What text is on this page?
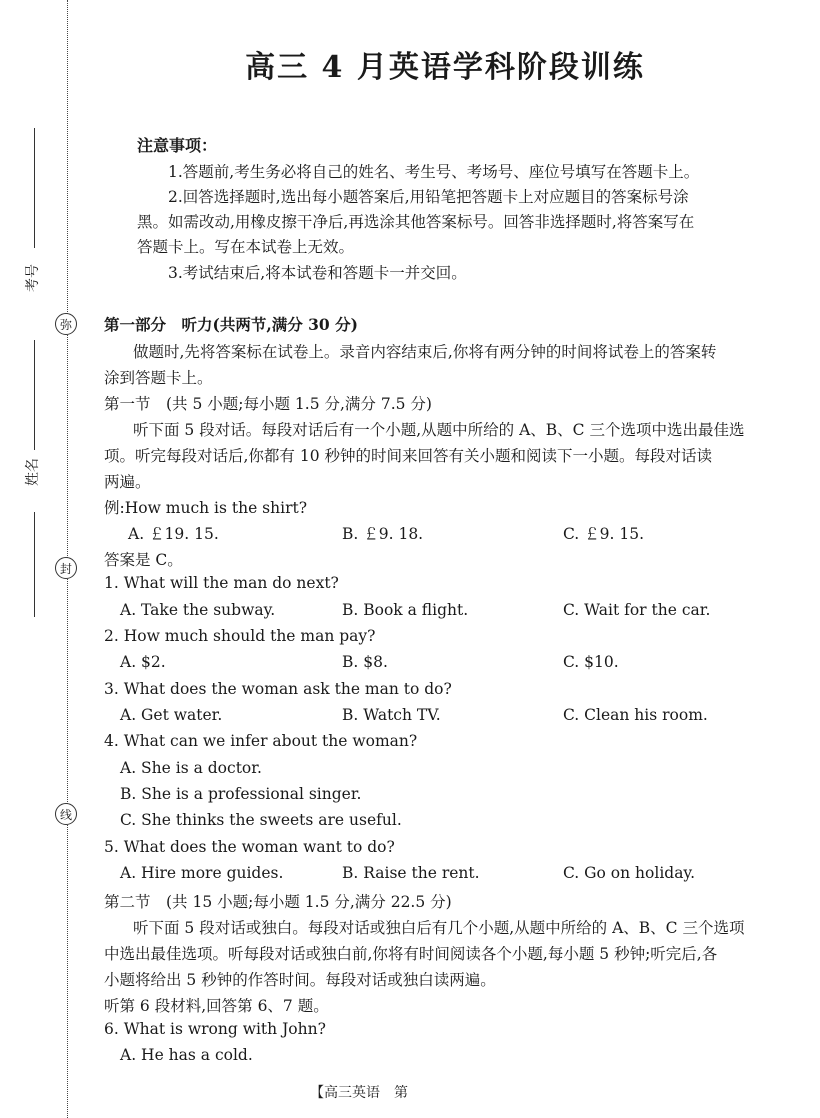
考号
姓名
弥
封
线
高三 4 月英语学科阶段训练
注意事项：
1.答题前,考生务必将自己的姓名、考生号、考场号、座位号填写在答题卡上。
2.回答选择题时,选出每小题答案后,用铅笔把答题卡上对应题目的答案标号涂
黑。如需改动,用橡皮擦干净后,再选涂其他答案标号。回答非选择题时,将答案写在
答题卡上。写在本试卷上无效。
3.考试结束后,将本试卷和答题卡一并交回。
第一部分　听力(共两节,满分 30 分)
做题时,先将答案标在试卷上。录音内容结束后,你将有两分钟的时间将试卷上的答案转
涂到答题卡上。
第一节　(共 5 小题;每小题 1.5 分,满分 7.5 分)
听下面 5 段对话。每段对话后有一个小题,从题中所给的 A、B、C 三个选项中选出最佳选
项。听完每段对话后,你都有 10 秒钟的时间来回答有关小题和阅读下一小题。每段对话读
两遍。
例:How much is the shirt?
A. ￡19. 15.	B. ￡9. 18.	C. ￡9. 15.
答案是 C。
1. What will the man do next?
A. Take the subway.	B. Book a flight.	C. Wait for the car.
2. How much should the man pay?
A. $2.	B. $8.	C. $10.
3. What does the woman ask the man to do?
A. Get water.	B. Watch TV.	C. Clean his room.
4. What can we infer about the woman?
A. She is a doctor.
B. She is a professional singer.
C. She thinks the sweets are useful.
5. What does the woman want to do?
A. Hire more guides.	B. Raise the rent.	C. Go on holiday.
第二节　(共 15 小题;每小题 1.5 分,满分 22.5 分)
听下面 5 段对话或独白。每段对话或独白后有几个小题,从题中所给的 A、B、C 三个选项
中选出最佳选项。听每段对话或独白前,你将有时间阅读各个小题,每小题 5 秒钟;听完后,各
小题将给出 5 秒钟的作答时间。每段对话或独白读两遍。
听第 6 段材料,回答第 6、7 题。
6. What is wrong with John?
A. He has a cold.
【高三英语　第
